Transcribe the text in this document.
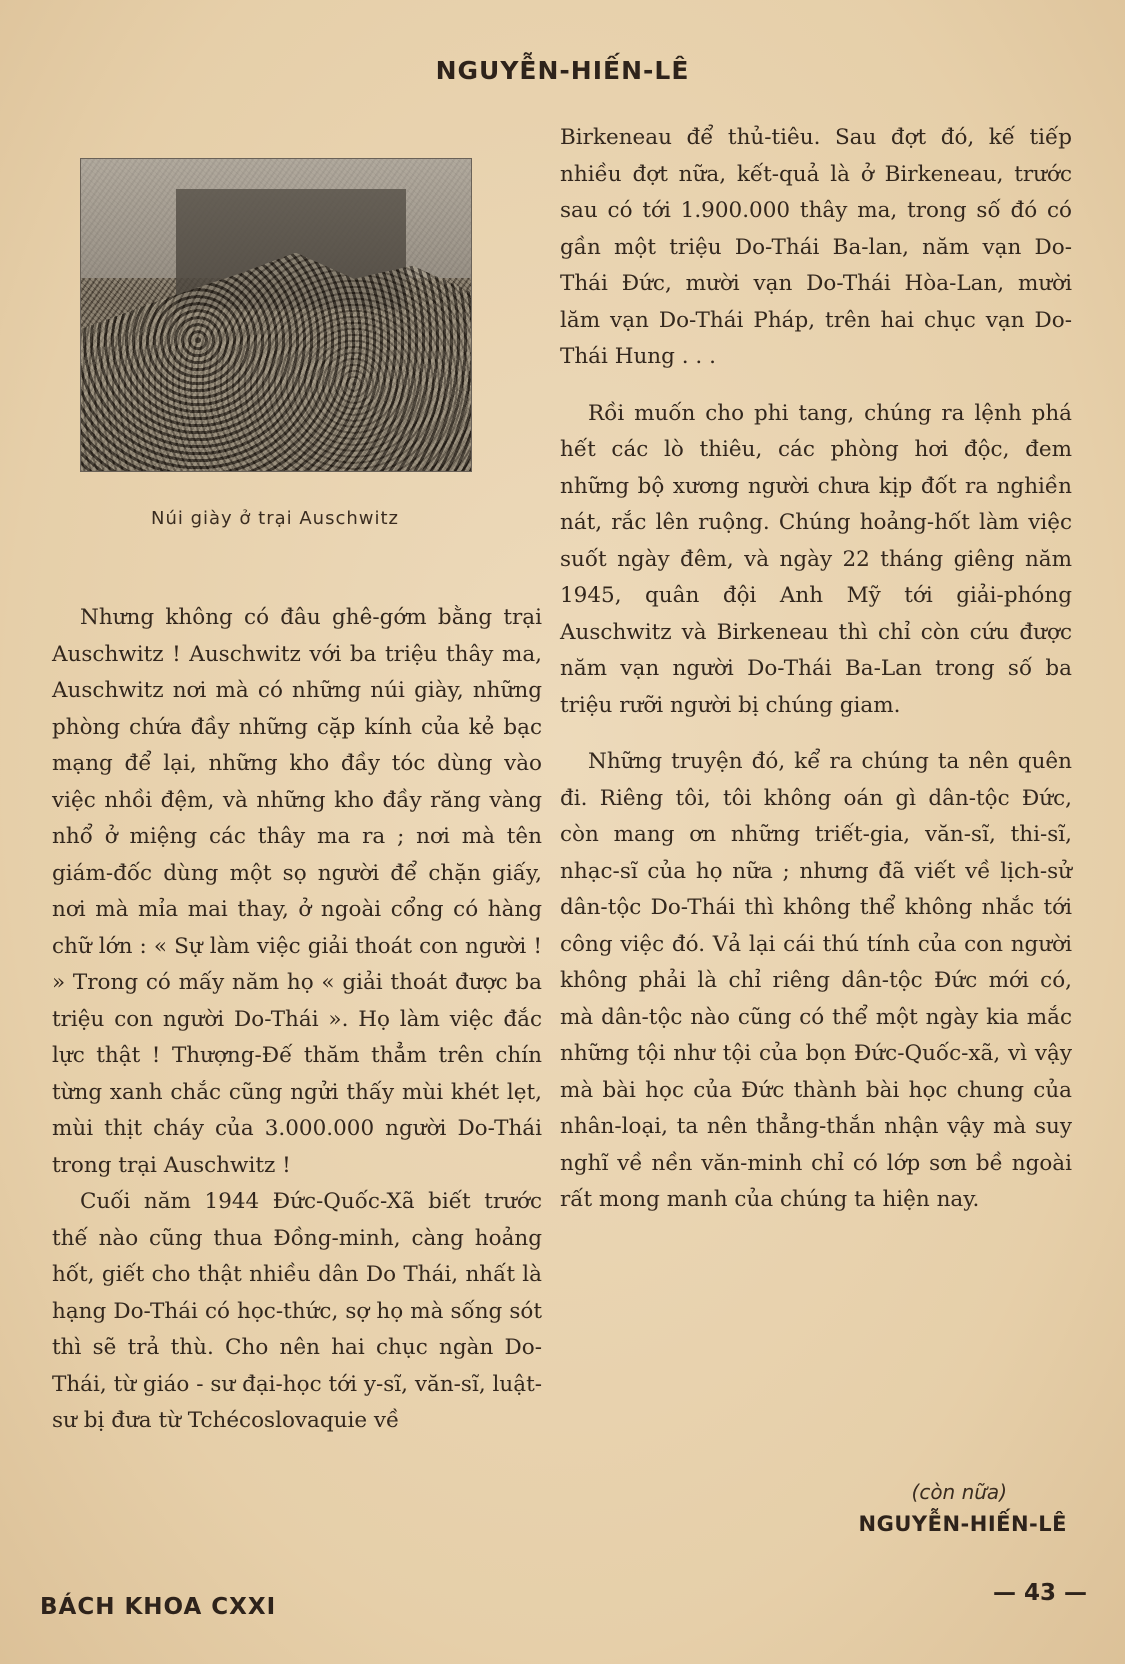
NGUYỄN-HIẾN-LÊ
Núi giày ở trại Auschwitz

Nhưng không có đâu ghê-gớm bằng trại Auschwitz ! Auschwitz với ba triệu thây ma, Auschwitz nơi mà có những núi giày, những phòng chứa đầy những cặp kính của kẻ bạc mạng để lại, những kho đầy tóc dùng vào việc nhồi đệm, và những kho đầy răng vàng nhổ ở miệng các thây ma ra ; nơi mà tên giám-đốc dùng một sọ người để chặn giấy, nơi mà mỉa mai thay, ở ngoài cổng có hàng chữ lớn : « Sự làm việc giải thoát con người ! » Trong có mấy năm họ « giải thoát được ba triệu con người Do-Thái ». Họ làm việc đắc lực thật ! Thượng-Đế thăm thẳm trên chín từng xanh chắc cũng ngửi thấy mùi khét lẹt, mùi thịt cháy của 3.000.000 người Do-Thái trong trại Auschwitz !

Cuối năm 1944 Đức-Quốc-Xã biết trước thế nào cũng thua Đồng-minh, càng hoảng hốt, giết cho thật nhiều dân Do Thái, nhất là hạng Do-Thái có học-thức, sợ họ mà sống sót thì sẽ trả thù. Cho nên hai chục ngàn Do-Thái, từ giáo - sư đại-học tới y-sĩ, văn-sĩ, luật-sư bị đưa từ Tchécoslovaquie về

Birkeneau để thủ-tiêu. Sau đợt đó, kế tiếp nhiều đợt nữa, kết-quả là ở Birkeneau, trước sau có tới 1.900.000 thây ma, trong số đó có gần một triệu Do-Thái Ba-lan, năm vạn Do-Thái Đức, mười vạn Do-Thái Hòa-Lan, mười lăm vạn Do-Thái Pháp, trên hai chục vạn Do-Thái Hung . . .

Rồi muốn cho phi tang, chúng ra lệnh phá hết các lò thiêu, các phòng hơi độc, đem những bộ xương người chưa kịp đốt ra nghiền nát, rắc lên ruộng. Chúng hoảng-hốt làm việc suốt ngày đêm, và ngày 22 tháng giêng năm 1945, quân đội Anh Mỹ tới giải-phóng Auschwitz và Birkeneau thì chỉ còn cứu được năm vạn người Do-Thái Ba-Lan trong số ba triệu rưỡi người bị chúng giam.

Những truyện đó, kể ra chúng ta nên quên đi. Riêng tôi, tôi không oán gì dân-tộc Đức, còn mang ơn những triết-gia, văn-sĩ, thi-sĩ, nhạc-sĩ của họ nữa ; nhưng đã viết về lịch-sử dân-tộc Do-Thái thì không thể không nhắc tới công việc đó. Vả lại cái thú tính của con người không phải là chỉ riêng dân-tộc Đức mới có, mà dân-tộc nào cũng có thể một ngày kia mắc những tội như tội của bọn Đức-Quốc-xã, vì vậy mà bài học của Đức thành bài học chung của nhân-loại, ta nên thẳng-thắn nhận vậy mà suy nghĩ về nền văn-minh chỉ có lớp sơn bề ngoài rất mong manh của chúng ta hiện nay.

(còn nữa)
NGUYỄN-HIẾN-LÊ
BÁCH KHOA CXXI
— 43 —
